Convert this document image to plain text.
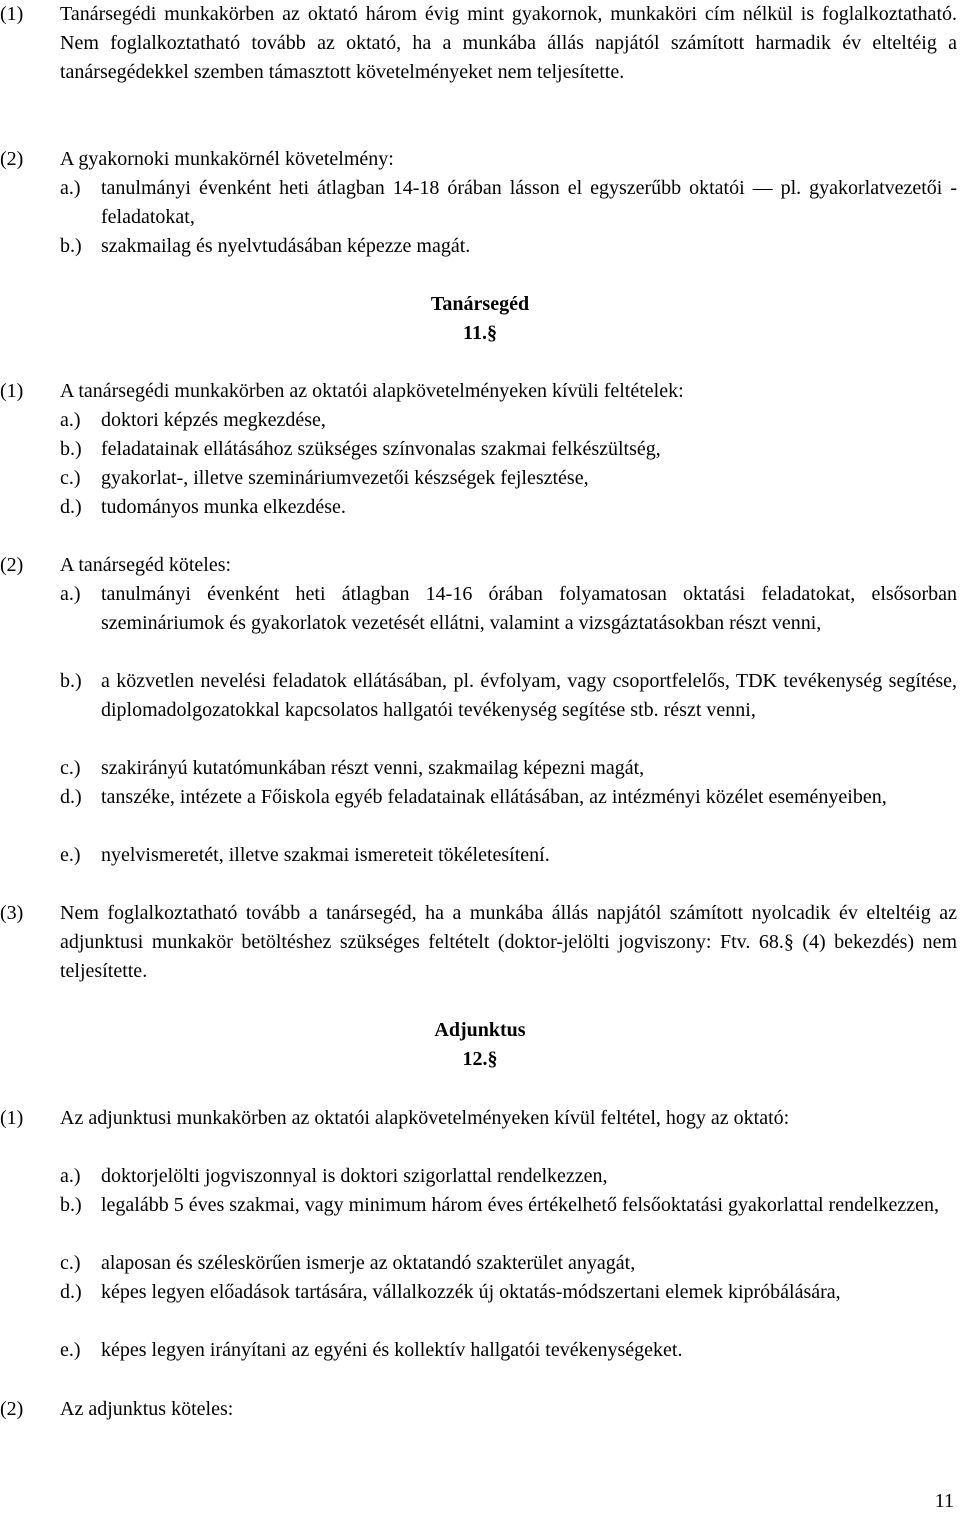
(1) Tanársegédi munkakörben az oktató három évig mint gyakornok, munkaköri cím nélkül is foglalkoztatható. Nem foglalkoztatható tovább az oktató, ha a munkába állás napjától számított harmadik év elteltéig a tanársegédekkel szemben támasztott követelményeket nem teljesítette.
(2) A gyakornoki munkakörnél követelmény:
a.) tanulmányi évenként heti átlagban 14-18 órában lásson el egyszerűbb oktatói — pl. gyakorlatvezetői - feladatokat,
b.) szakmailag és nyelvtudásában képezze magát.
Tanársegéd
11.§
(1) A tanársegédi munkakörben az oktatói alapkövetelményeken kívüli feltételek:
a.) doktori képzés megkezdése,
b.) feladatainak ellátásához szükséges színvonalas szakmai felkészültség,
c.) gyakorlat-, illetve szemináriumvezetői készségek fejlesztése,
d.) tudományos munka elkezdése.
(2) A tanársegéd köteles:
a.) tanulmányi évenként heti átlagban 14-16 órában folyamatosan oktatási feladatokat, elsősorban szemináriumok és gyakorlatok vezetését ellátni, valamint a vizsgáztatásokban részt venni,
b.) a közvetlen nevelési feladatok ellátásában, pl. évfolyam, vagy csoportfelelős, TDK tevékenység segítése, diplomadolgozatokkal kapcsolatos hallgatói tevékenység segítése stb. részt venni,
c.) szakirányú kutatómunkában részt venni, szakmailag képezni magát,
d.) tanszéke, intézete a Főiskola egyéb feladatainak ellátásában, az intézményi közélet eseményeiben,
e.) nyelvismeretét, illetve szakmai ismereteit tökéletesítení.
(3) Nem foglalkoztatható tovább a tanársegéd, ha a munkába állás napjától számított nyolcadik év elteltéig az adjunktusi munkakör betöltéshez szükséges feltételt (doktor-jelölti jogviszony: Ftv. 68.§ (4) bekezdés) nem teljesítette.
Adjunktus
12.§
(1) Az adjunktusi munkakörben az oktatói alapkövetelményeken kívül feltétel, hogy az oktató:
a.) doktorjelölti jogviszonnyal is doktori szigorlattal rendelkezzen,
b.) legalább 5 éves szakmai, vagy minimum három éves értékelhető felsőoktatási gyakorlattal rendelkezzen,
c.) alaposan és széleskörűen ismerje az oktatandó szakterület anyagát,
d.) képes legyen előadások tartására, vállalkozzék új oktatás-módszertani elemek kipróbálására,
e.) képes legyen irányítani az egyéni és kollektív hallgatói tevékenységeket.
(2) Az adjunktus köteles:
11
